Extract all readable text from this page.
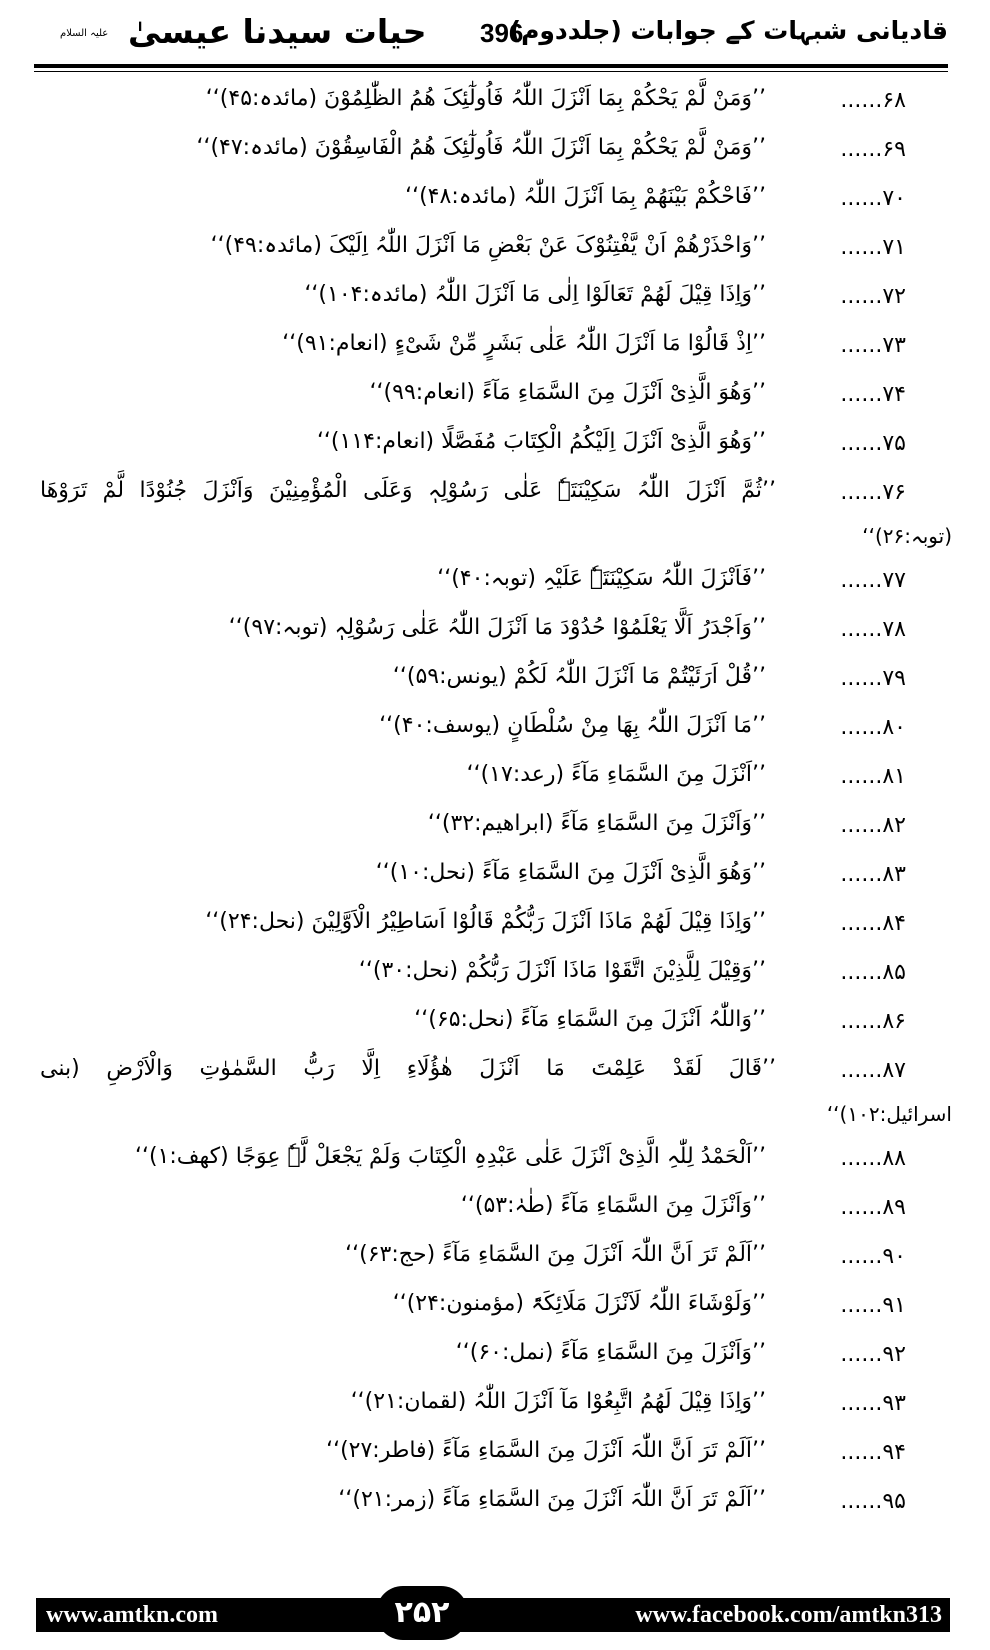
قادیانی شبہات کے جوابات (جلددوم)
396
حیات سیدنا عیسیٰ
علیہ السلام
۶۸......
’’وَمَنْ لَّمْ یَحْکُمْ بِمَا اَنْزَلَ اللّٰہُ فَاُولٰٓئِکَ ھُمُ الظّٰلِمُوْنَ (مائدہ:۴۵)‘‘
۶۹......
’’وَمَنْ لَّمْ یَحْکُمْ بِمَا اَنْزَلَ اللّٰہُ فَاُولٰٓئِکَ ھُمُ الْفَاسِقُوْنَ (مائدہ:۴۷)‘‘
۷۰......
’’فَاحْکُمْ بَیْنَھُمْ بِمَا اَنْزَلَ اللّٰہُ (مائدہ:۴۸)‘‘
۷۱......
’’وَاحْذَرْھُمْ اَنْ یَّفْتِنُوْکَ عَنْ بَعْضِ مَا اَنْزَلَ اللّٰہُ اِلَیْکَ (مائدہ:۴۹)‘‘
۷۲......
’’وَاِذَا قِیْلَ لَھُمْ تَعَالَوْا اِلٰی مَا اَنْزَلَ اللّٰہُ (مائدہ:۱۰۴)‘‘
۷۳......
’’اِذْ قَالُوْا مَا اَنْزَلَ اللّٰہُ عَلٰی بَشَرٍ مِّنْ شَیْءٍ (انعام:۹۱)‘‘
۷۴......
’’وَھُوَ الَّذِیْ اَنْزَلَ مِنَ السَّمَاءِ مَآءً (انعام:۹۹)‘‘
۷۵......
’’وَھُوَ الَّذِیْ اَنْزَلَ اِلَیْکُمُ الْکِتَابَ مُفَصَّلًا (انعام:۱۱۴)‘‘
۷۶......
’’ثُمَّ اَنْزَلَ اللّٰہُ سَکِیْنَتَہٗ عَلٰی رَسُوْلِہٖ وَعَلَی الْمُؤْمِنِیْنَ وَاَنْزَلَ جُنُوْدًا لَّمْ تَرَوْھَا
(توبہ:۲۶)‘‘
۷۷......
’’فَاَنْزَلَ اللّٰہُ سَکِیْنَتَہٗ عَلَیْہِ (توبہ:۴۰)‘‘
۷۸......
’’وَاَجْدَرُ اَلَّا یَعْلَمُوْا حُدُوْدَ مَا اَنْزَلَ اللّٰہُ عَلٰی رَسُوْلِہٖ (توبہ:۹۷)‘‘
۷۹......
’’قُلْ اَرَئَیْتُمْ مَا اَنْزَلَ اللّٰہُ لَکُمْ (یونس:۵۹)‘‘
۸۰......
’’مَا اَنْزَلَ اللّٰہُ بِھَا مِنْ سُلْطَانٍ (یوسف:۴۰)‘‘
۸۱......
’’اَنْزَلَ مِنَ السَّمَاءِ مَآءً (رعد:۱۷)‘‘
۸۲......
’’وَاَنْزَلَ مِنَ السَّمَاءِ مَآءً (ابراھیم:۳۲)‘‘
۸۳......
’’وَھُوَ الَّذِیْ اَنْزَلَ مِنَ السَّمَاءِ مَآءً (نحل:۱۰)‘‘
۸۴......
’’وَاِذَا قِیْلَ لَھُمْ مَاذَا اَنْزَلَ رَبُّکُمْ قَالُوْا اَسَاطِیْرُ الْاَوَّلِیْنَ (نحل:۲۴)‘‘
۸۵......
’’وَقِیْلَ لِلَّذِیْنَ اتَّقَوْا مَاذَا اَنْزَلَ رَبُّکُمْ (نحل:۳۰)‘‘
۸۶......
’’وَاللّٰہُ اَنْزَلَ مِنَ السَّمَاءِ مَآءً (نحل:۶۵)‘‘
۸۷......
’’قَالَ لَقَدْ عَلِمْتَ مَا اَنْزَلَ ھٰؤُلَاءِ اِلَّا رَبُّ السَّمٰوٰتِ وَالْاَرْضِ (بنی
اسرائیل:۱۰۲)‘‘
۸۸......
’’اَلْحَمْدُ لِلّٰہِ الَّذِیْ اَنْزَلَ عَلٰی عَبْدِہِ الْکِتَابَ وَلَمْ یَجْعَلْ لَّہٗ عِوَجًا (کھف:۱)‘‘
۸۹......
’’وَاَنْزَلَ مِنَ السَّمَاءِ مَآءً (طٰہٰ:۵۳)‘‘
۹۰......
’’اَلَمْ تَرَ اَنَّ اللّٰہَ اَنْزَلَ مِنَ السَّمَاءِ مَآءً (حج:۶۳)‘‘
۹۱......
’’وَلَوْشَاءَ اللّٰہُ لَاَنْزَلَ مَلَائِکَۃً (مؤمنون:۲۴)‘‘
۹۲......
’’وَاَنْزَلَ مِنَ السَّمَاءِ مَآءً (نمل:۶۰)‘‘
۹۳......
’’وَاِذَا قِیْلَ لَھُمُ اتَّبِعُوْا مَآ اَنْزَلَ اللّٰہُ (لقمان:۲۱)‘‘
۹۴......
’’اَلَمْ تَرَ اَنَّ اللّٰہَ اَنْزَلَ مِنَ السَّمَاءِ مَآءً (فاطر:۲۷)‘‘
۹۵......
’’اَلَمْ تَرَ اَنَّ اللّٰہَ اَنْزَلَ مِنَ السَّمَاءِ مَآءً (زمر:۲۱)‘‘
www.amtkn.com	۲۵۲	www.facebook.com/amtkn313
